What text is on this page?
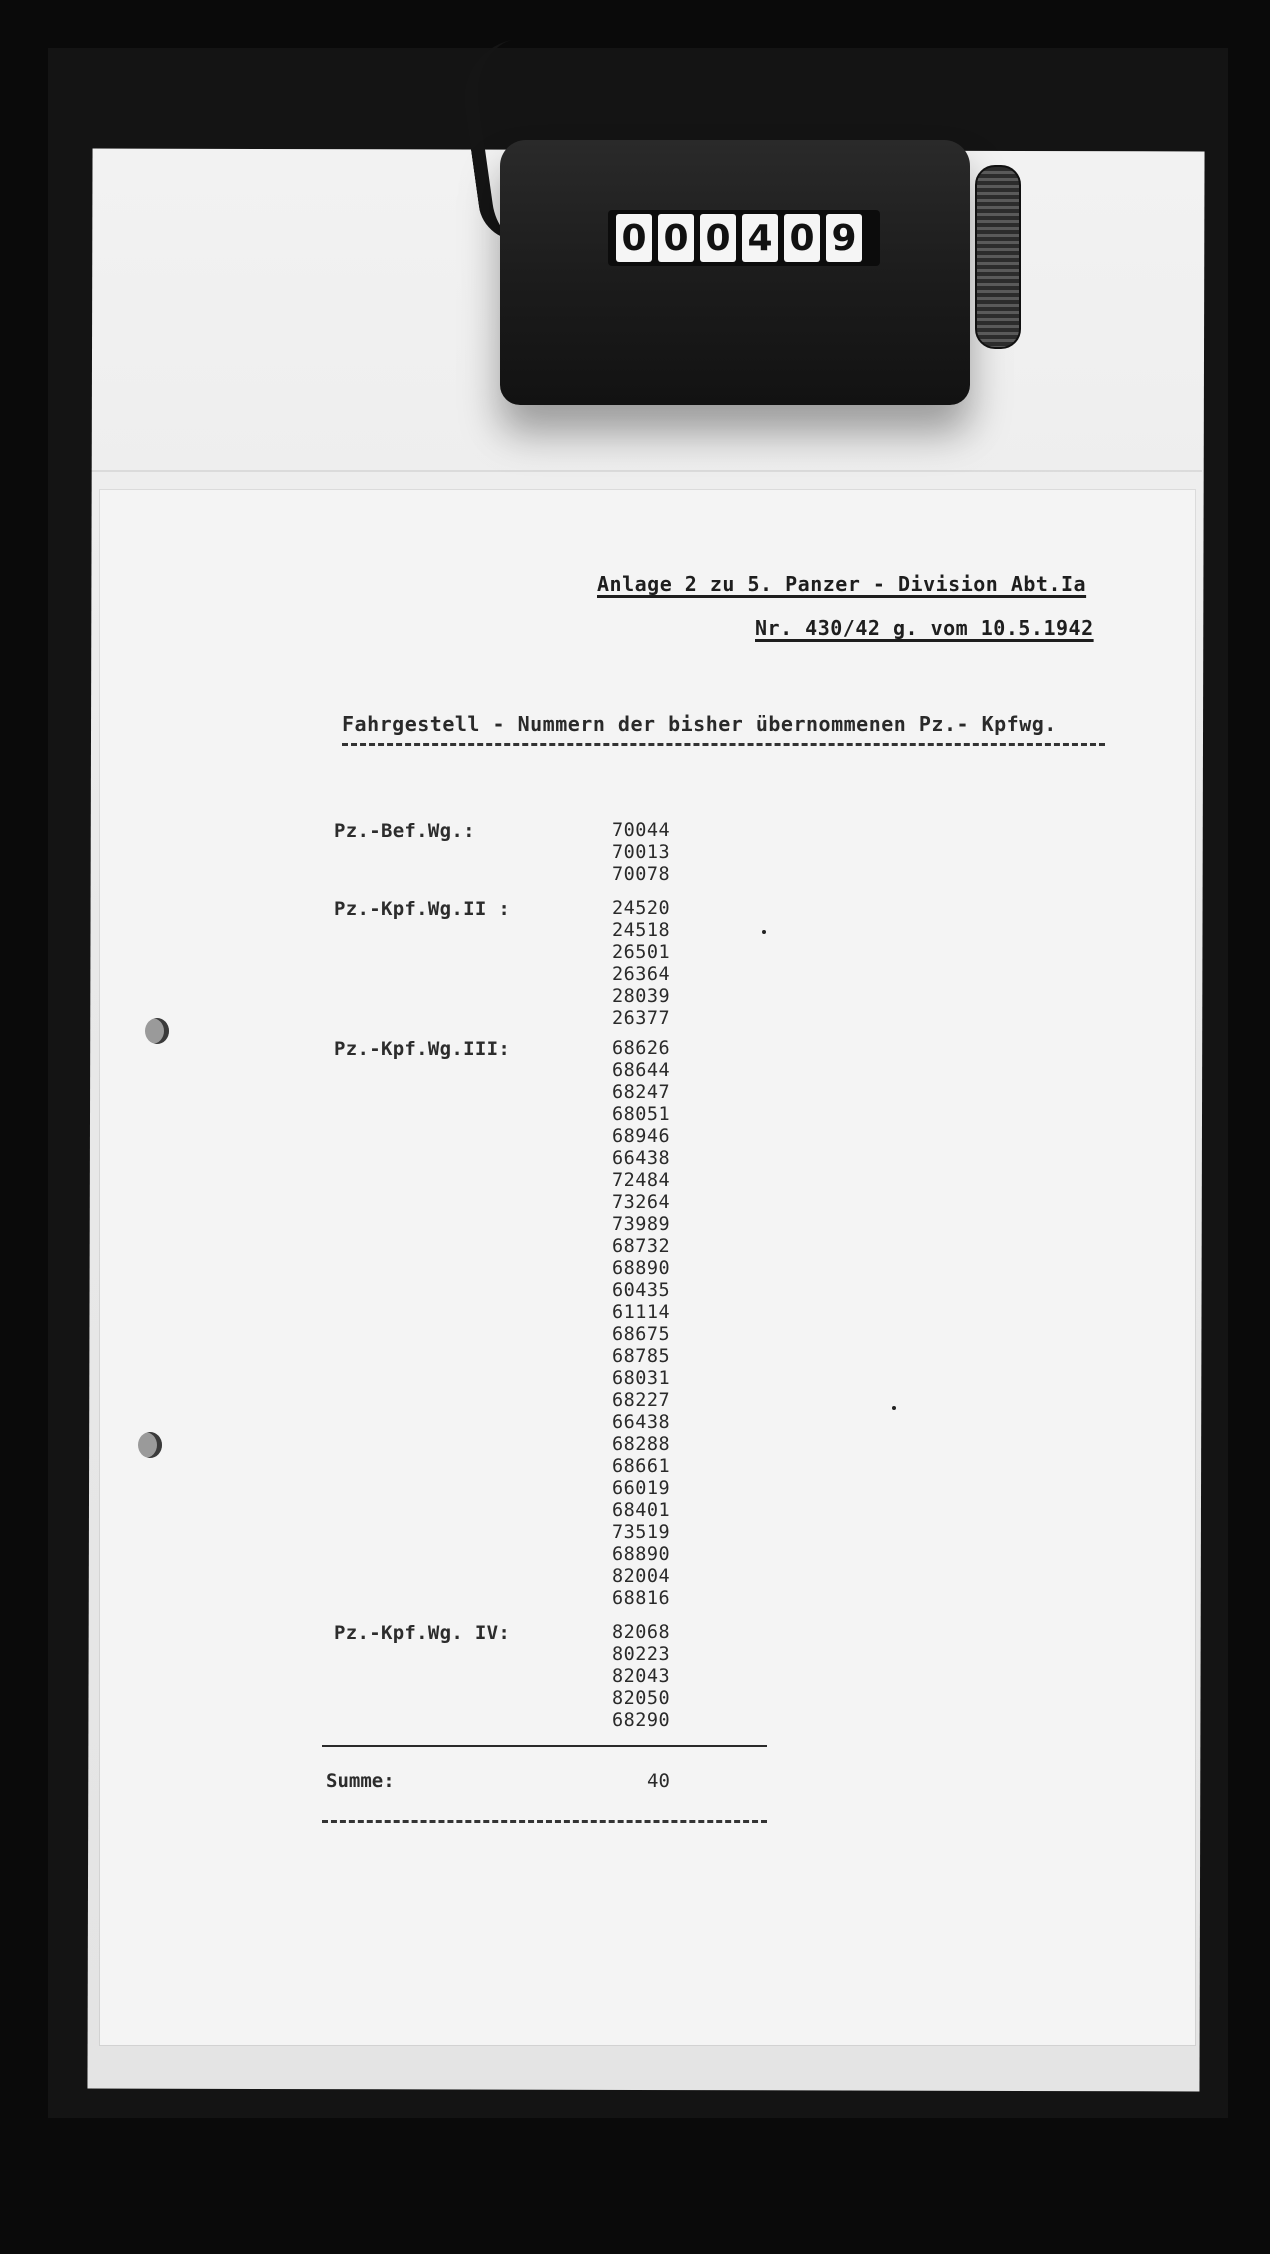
0 0 0 4 0 9
Anlage 2 zu 5. Panzer - Division Abt.Ia
Nr. 430/42 g. vom 10.5.1942
Fahrgestell - Nummern der bisher übernommenen Pz.- Kpfwg.
Pz.-Bef.Wg.:	70044
70013
70078
Pz.-Kpf.Wg.II :	24520
24518
26501
26364
28039
26377
Pz.-Kpf.Wg.III:	68626
68644
68247
68051
68946
66438
72484
73264
73989
68732
68890
60435
61114
68675
68785
68031
68227
66438
68288
68661
66019
68401
73519
68890
82004
68816
Pz.-Kpf.Wg. IV:	82068
80223
82043
82050
68290
Summe:	40
